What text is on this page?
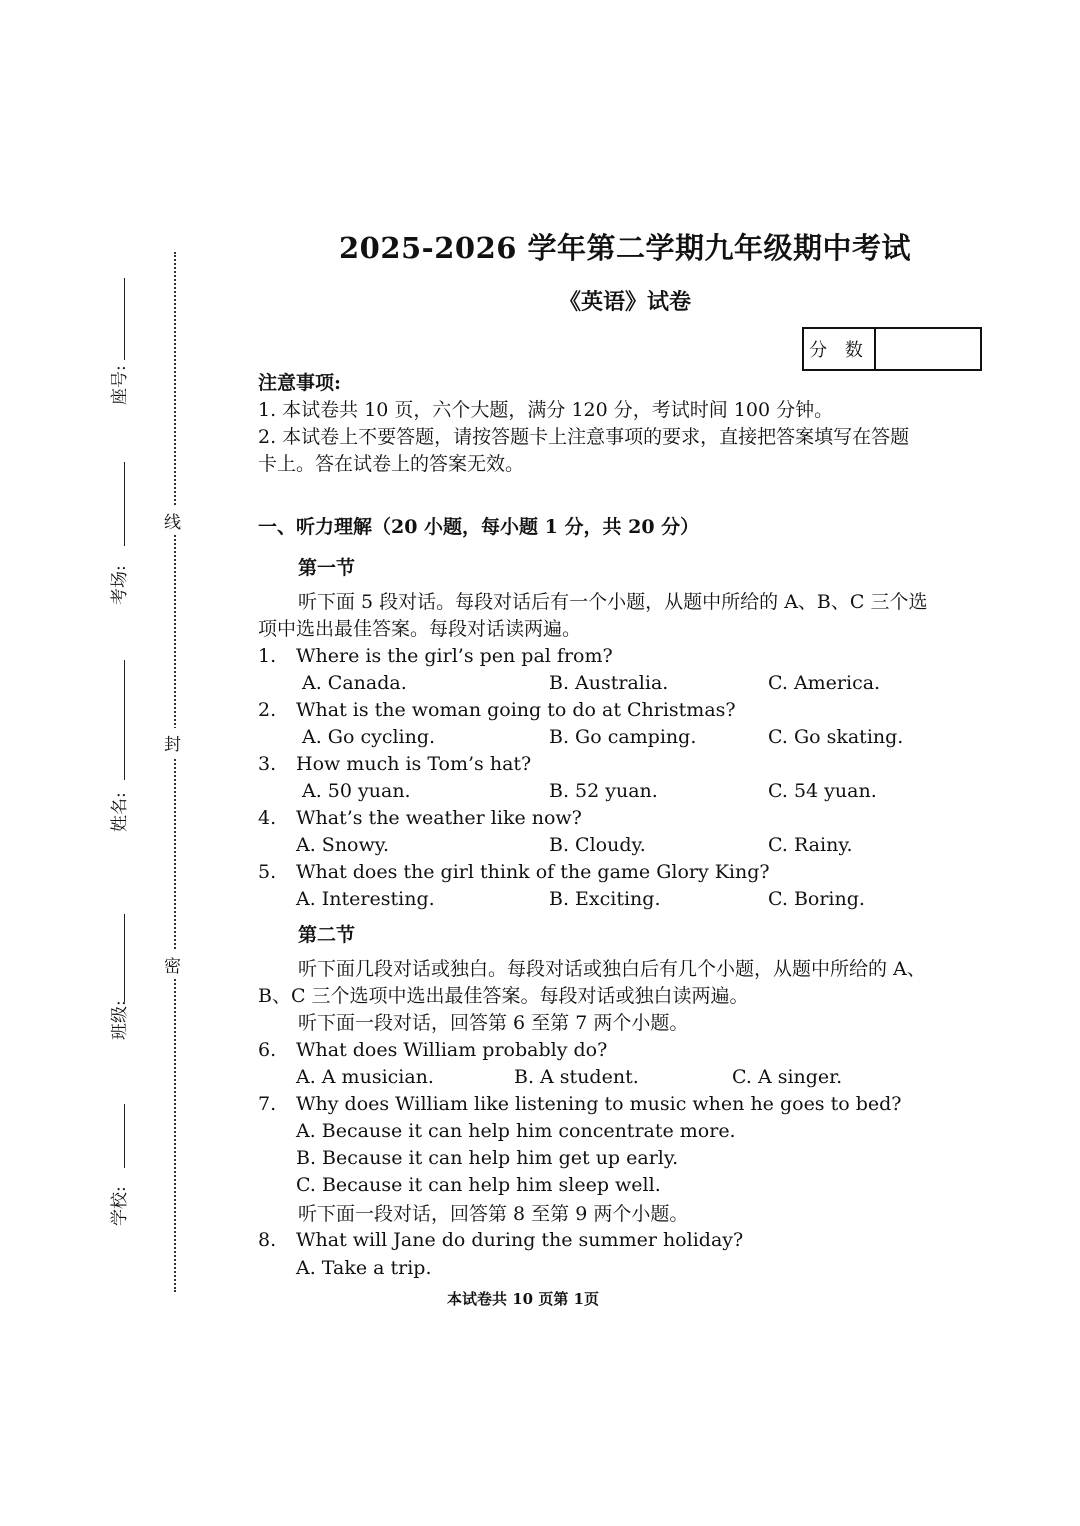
线
封
密
座号:
考场:
姓名:
班级:
学校:
2025-2026 学年第二学期九年级期中考试
《英语》试卷
分 数
注意事项:
1. 本试卷共 10 页，六个大题，满分 120 分，考试时间 100 分钟。
2. 本试卷上不要答题，请按答题卡上注意事项的要求，直接把答案填写在答题
卡上。答在试卷上的答案无效。
一、听力理解（20 小题，每小题 1 分，共 20 分）
第一节
听下面 5 段对话。每段对话后有一个小题，从题中所给的 A、B、C 三个选
项中选出最佳答案。每段对话读两遍。
1. Where is the girl’s pen pal from?
A. Canada.	B. Australia.	C. America.
2. What is the woman going to do at Christmas?
A. Go cycling.	B. Go camping.	C. Go skating.
3. How much is Tom’s hat?
A. 50 yuan.	B. 52 yuan.	C. 54 yuan.
4. What’s the weather like now?
A. Snowy.	B. Cloudy.	C. Rainy.
5. What does the girl think of the game Glory King?
A. Interesting.	B. Exciting.	C. Boring.
第二节
听下面几段对话或独白。每段对话或独白后有几个小题，从题中所给的 A、
B、C 三个选项中选出最佳答案。每段对话或独白读两遍。
听下面一段对话，回答第 6 至第 7 两个小题。
6. What does William probably do?
A. A musician.	B. A student.	C. A singer.
7. Why does William like listening to music when he goes to bed?
A. Because it can help him concentrate more.
B. Because it can help him get up early.
C. Because it can help him sleep well.
听下面一段对话，回答第 8 至第 9 两个小题。
8. What will Jane do during the summer holiday?
A. Take a trip.
本试卷共 10 页第 1页
